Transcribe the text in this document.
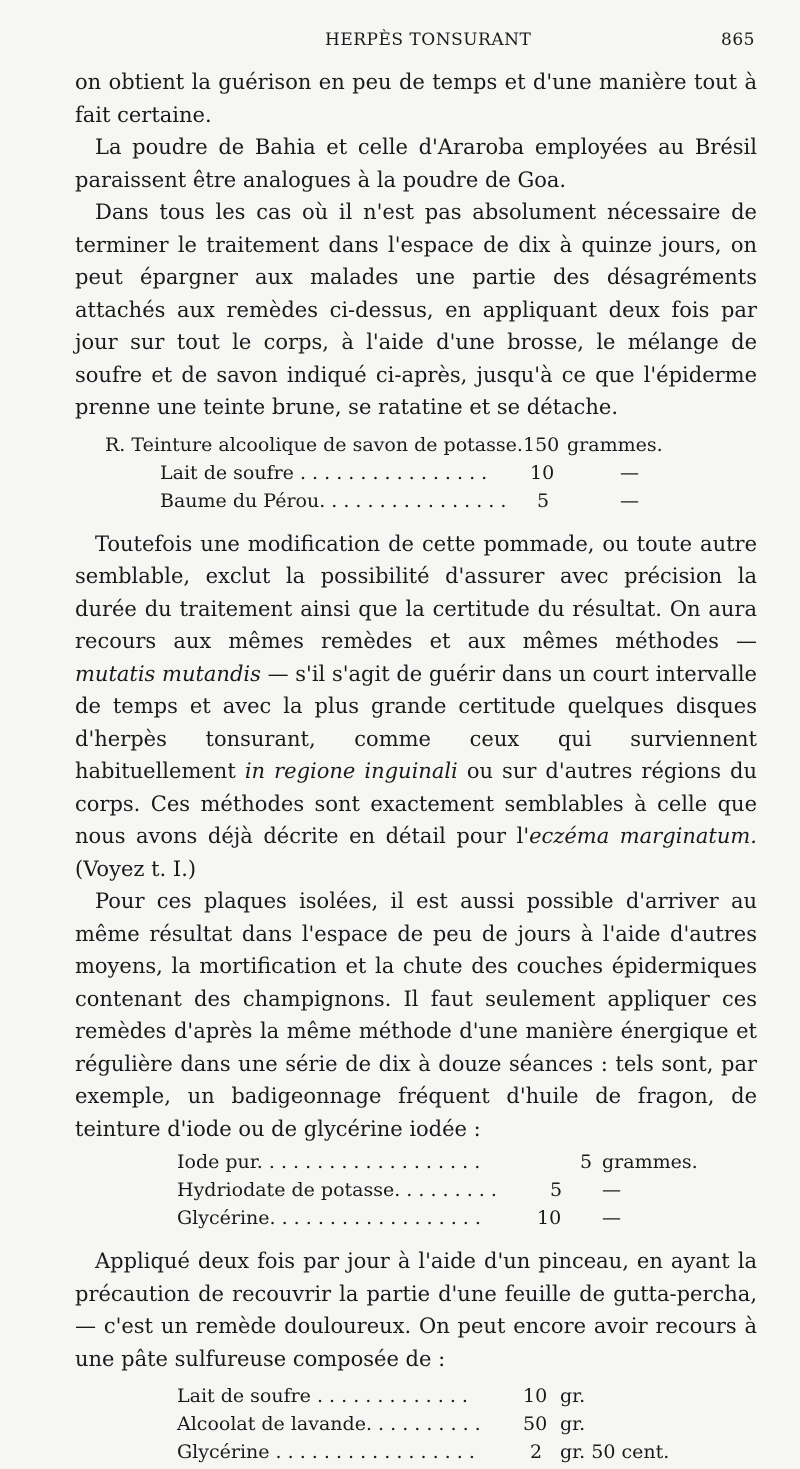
HERPÈS TONSURANT	865

on obtient la guérison en peu de temps et d'une manière tout à fait certaine.

La poudre de Bahia et celle d'Araroba employées au Brésil paraissent être analogues à la poudre de Goa.

Dans tous les cas où il n'est pas absolument nécessaire de terminer le traitement dans l'espace de dix à quinze jours, on peut épargner aux malades une partie des désagréments attachés aux remèdes ci-dessus, en appliquant deux fois par jour sur tout le corps, à l'aide d'une brosse, le mélange de soufre et de savon indiqué ci-après, jusqu'à ce que l'épiderme prenne une teinte brune, se ratatine et se détache.

R. Teinture alcoolique de savon de potasse. 150 grammes.
Lait de soufre . . . . . . . . . . . . . . . . 10	—
Baume du Pérou. . . . . . . . . . . . . . . . 5	—

Toutefois une modification de cette pommade, ou toute autre semblable, exclut la possibilité d'assurer avec précision la durée du traitement ainsi que la certitude du résultat. On aura recours aux mêmes remèdes et aux mêmes méthodes — mutatis mutandis — s'il s'agit de guérir dans un court intervalle de temps et avec la plus grande certitude quelques disques d'herpès tonsurant, comme ceux qui surviennent habituellement in regione inguinali ou sur d'autres régions du corps. Ces méthodes sont exactement semblables à celle que nous avons déjà décrite en détail pour l'eczéma marginatum. (Voyez t. I.)

Pour ces plaques isolées, il est aussi possible d'arriver au même résultat dans l'espace de peu de jours à l'aide d'autres moyens, la mortification et la chute des couches épidermiques contenant des champignons. Il faut seulement appliquer ces remèdes d'après la même méthode d'une manière énergique et régulière dans une série de dix à douze séances : tels sont, par exemple, un badigeonnage fréquent d'huile de fragon, de teinture d'iode ou de glycérine iodée :

Iode pur. . . . . . . . . . . . . . . . . . .	5 grammes.
Hydriodate de potasse. . . . . . . . .	5 —
Glycérine. . . . . . . . . . . . . . . . . .	10 —

Appliqué deux fois par jour à l'aide d'un pinceau, en ayant la précaution de recouvrir la partie d'une feuille de gutta-percha, — c'est un remède douloureux. On peut encore avoir recours à une pâte sulfureuse composée de :

Lait de soufre . . . . . . . . . . . . .	10 gr.
Alcoolat de lavande. . . . . . . . . . 50 gr.
Glycérine . . . . . . . . . . . . . . . . .	2 gr. 50 cent.
